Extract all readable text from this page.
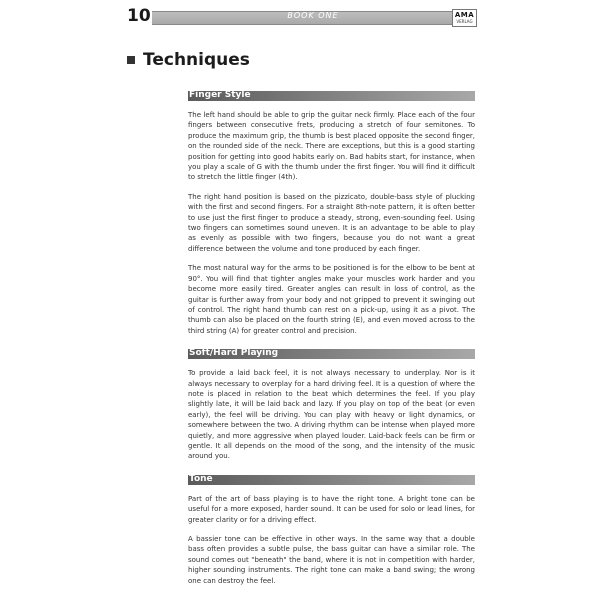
10	BOOK ONE	AMA
VERLAG
Techniques
Finger Style

The left hand should be able to grip the guitar neck firmly. Place each of the four fingers between consecutive frets, producing a stretch of four semitones. To produce the maximum grip, the thumb is best placed opposite the second finger, on the rounded side of the neck. There are exceptions, but this is a good starting position for getting into good habits early on. Bad habits start, for instance, when you play a scale of G with the thumb under the first finger. You will find it difficult to stretch the little finger (4th).

The right hand position is based on the pizzicato, double-bass style of plucking with the first and second fingers. For a straight 8th-note pattern, it is often better to use just the first finger to produce a steady, strong, even-sounding feel. Using two fingers can sometimes sound uneven. It is an advantage to be able to play as evenly as possible with two fingers, because you do not want a great difference between the volume and tone produced by each finger.

The most natural way for the arms to be positioned is for the elbow to be bent at 90°. You will find that tighter angles make your muscles work harder and you become more easily tired. Greater angles can result in loss of control, as the guitar is further away from your body and not gripped to prevent it swinging out of control. The right hand thumb can rest on a pick-up, using it as a pivot. The thumb can also be placed on the fourth string (E), and even moved across to the third string (A) for greater control and precision.

Soft/Hard Playing

To provide a laid back feel, it is not always necessary to underplay. Nor is it always necessary to overplay for a hard driving feel. It is a question of where the note is placed in relation to the beat which determines the feel. If you play slightly late, it will be laid back and lazy. If you play on top of the beat (or even early), the feel will be driving. You can play with heavy or light dynamics, or somewhere between the two. A driving rhythm can be intense when played more quietly, and more aggressive when played louder. Laid-back feels can be firm or gentle. It all depends on the mood of the song, and the intensity of the music around you.

Tone

Part of the art of bass playing is to have the right tone. A bright tone can be useful for a more exposed, harder sound. It can be used for solo or lead lines, for greater clarity or for a driving effect.

A bassier tone can be effective in other ways. In the same way that a double bass often provides a subtle pulse, the bass guitar can have a similar role. The sound comes out "beneath" the band, where it is not in competition with harder, higher sounding instruments. The right tone can make a band swing; the wrong one can destroy the feel.
